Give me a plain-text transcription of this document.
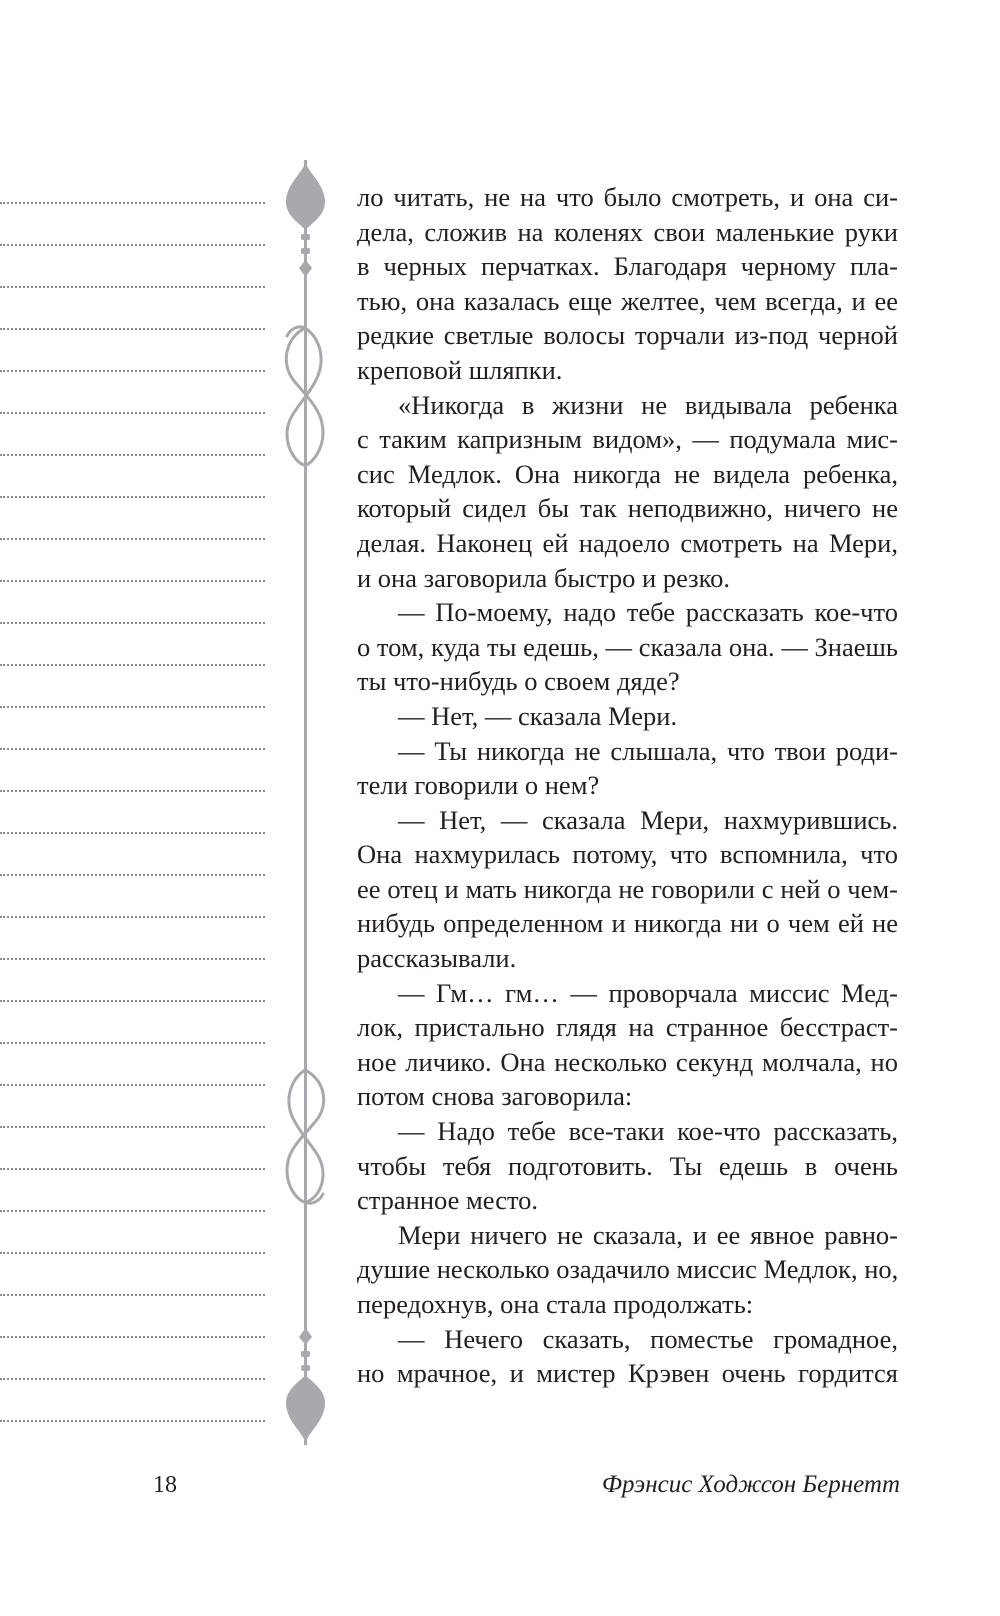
ло читать, не на что было смотреть, и она си-
дела, сложив на коленях свои маленькие руки
в черных перчатках. Благодаря черному пла-
тью, она казалась еще желтее, чем всегда, и ее
редкие светлые волосы торчали из-под черной
креповой шляпки.
«Никогда в жизни не видывала ребенка
с таким капризным видом», — подумала мис-
сис Медлок. Она никогда не видела ребенка,
который сидел бы так неподвижно, ничего не
делая. Наконец ей надоело смотреть на Мери,
и она заговорила быстро и резко.
— По-моему, надо тебе рассказать кое-что
о том, куда ты едешь, — сказала она. — Знаешь
ты что-нибудь о своем дяде?
— Нет, — сказала Мери.
— Ты никогда не слышала, что твои роди-
тели говорили о нем?
— Нет, — сказала Мери, нахмурившись.
Она нахмурилась потому, что вспомнила, что
ее отец и мать никогда не говорили с ней о чем-
нибудь определенном и никогда ни о чем ей не
рассказывали.
— Гм… гм… — проворчала миссис Мед-
лок, пристально глядя на странное бесстраст-
ное личико. Она несколько секунд молчала, но
потом снова заговорила:
— Надо тебе все-таки кое-что рассказать,
чтобы тебя подготовить. Ты едешь в очень
странное место.
Мери ничего не сказала, и ее явное равно-
душие несколько озадачило миссис Медлок, но,
передохнув, она стала продолжать:
— Нечего сказать, поместье громадное,
но мрачное, и мистер Крэвен очень гордится
18	Фрэнсис Ходжсон Бернетт
